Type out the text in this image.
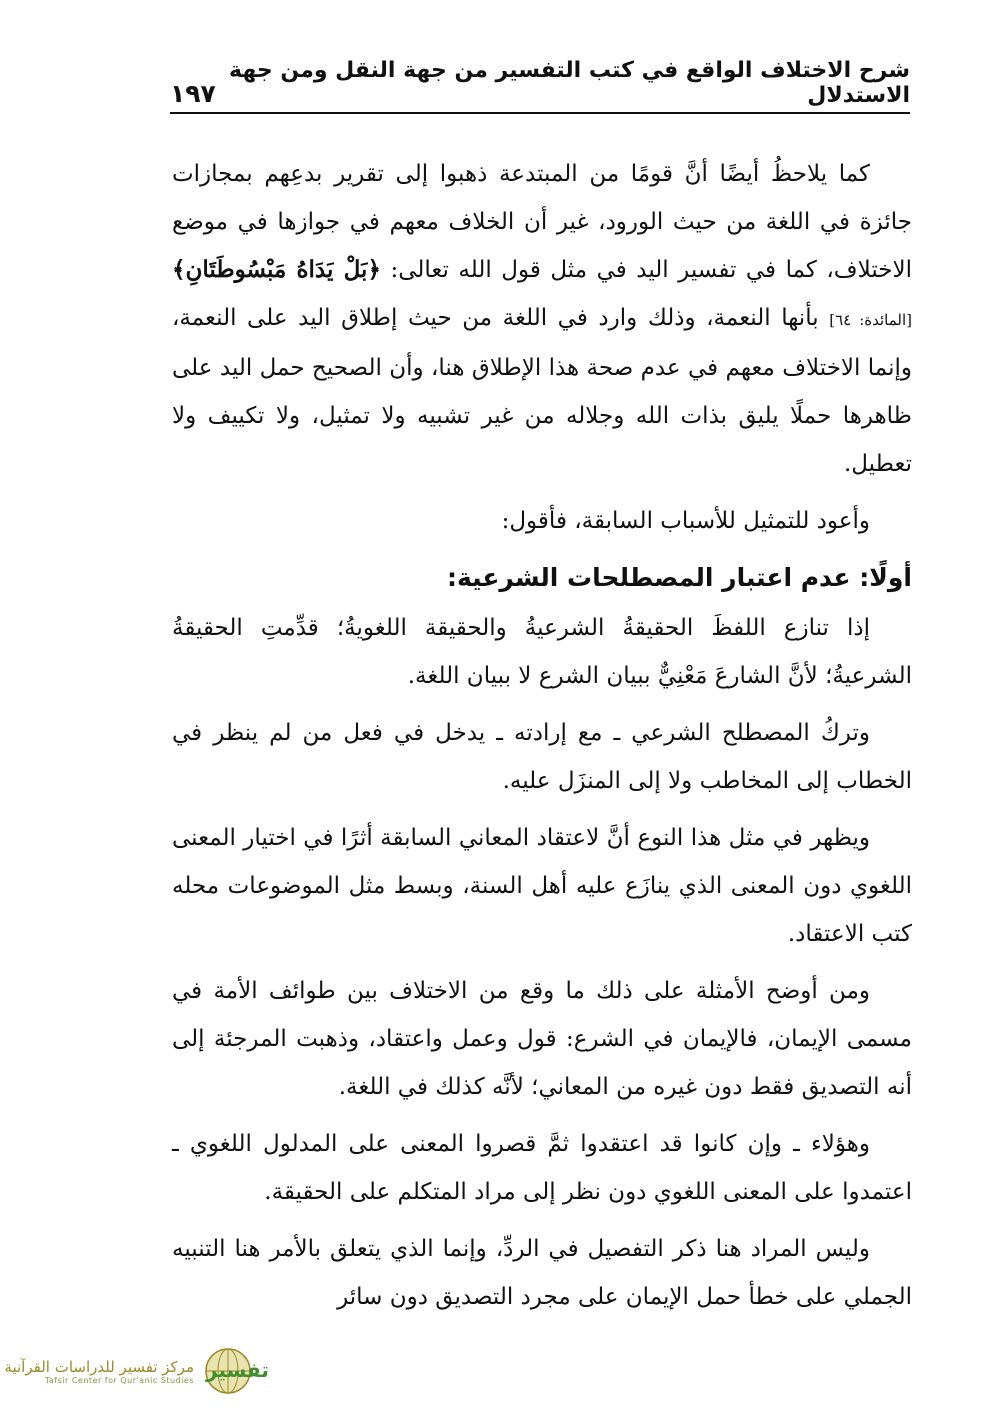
شرح الاختلاف الواقع في كتب التفسير من جهة النقل ومن جهة الاستدلال
١٩٧

كما يلاحظُ أيضًا أنَّ قومًا من المبتدعة ذهبوا إلى تقرير بدعِهم بمجازات جائزة في اللغة من حيث الورود، غير أن الخلاف معهم في جوازها في موضع الاختلاف، كما في تفسير اليد في مثل قول الله تعالى: ﴿بَلْ يَدَاهُ مَبْسُوطَتَانِ﴾ [المائدة: ٦٤] بأنها النعمة، وذلك وارد في اللغة من حيث إطلاق اليد على النعمة، وإنما الاختلاف معهم في عدم صحة هذا الإطلاق هنا، وأن الصحيح حمل اليد على ظاهرها حملًا يليق بذات الله وجلاله من غير تشبيه ولا تمثيل، ولا تكييف ولا تعطيل.

وأعود للتمثيل للأسباب السابقة، فأقول:

أولًا: عدم اعتبار المصطلحات الشرعية:

إذا تنازع اللفظَ الحقيقةُ الشرعيةُ والحقيقة اللغويةُ؛ قدِّمتِ الحقيقةُ الشرعيةُ؛ لأنَّ الشارعَ مَعْنِيٌّ ببيان الشرع لا ببيان اللغة.

وتركُ المصطلح الشرعي ـ مع إرادته ـ يدخل في فعل من لم ينظر في الخطاب إلى المخاطب ولا إلى المنزَل عليه.

ويظهر في مثل هذا النوع أنَّ لاعتقاد المعاني السابقة أثرًا في اختيار المعنى اللغوي دون المعنى الذي ينازَع عليه أهل السنة، وبسط مثل الموضوعات محله كتب الاعتقاد.

ومن أوضح الأمثلة على ذلك ما وقع من الاختلاف بين طوائف الأمة في مسمى الإيمان، فالإيمان في الشرع: قول وعمل واعتقاد، وذهبت المرجئة إلى أنه التصديق فقط دون غيره من المعاني؛ لأنَّه كذلك في اللغة.

وهؤلاء ـ وإن كانوا قد اعتقدوا ثمَّ قصروا المعنى على المدلول اللغوي ـ اعتمدوا على المعنى اللغوي دون نظر إلى مراد المتكلم على الحقيقة.

وليس المراد هنا ذكر التفصيل في الردِّ، وإنما الذي يتعلق بالأمر هنا التنبيه الجملي على خطأ حمل الإيمان على مجرد التصديق دون سائر

مركز تفسير للدراسات القرآنية
Tafsir Center for Qur'anic Studies تفسير
